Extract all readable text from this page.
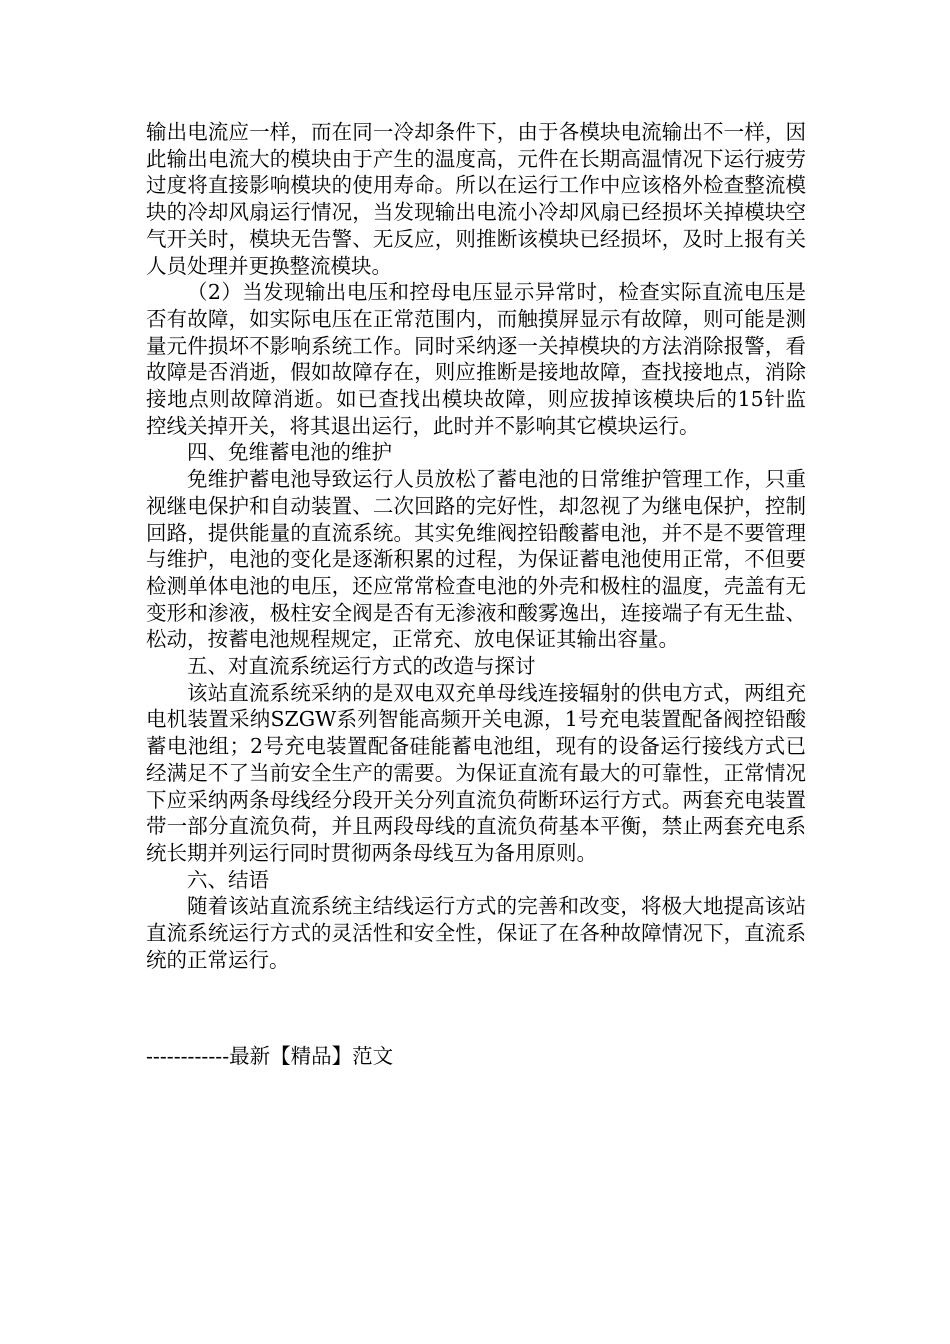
输出电流应一样，而在同一冷却条件下，由于各模块电流输出不一样，因此输出电流大的模块由于产生的温度高，元件在长期高温情况下运行疲劳过度将直接影响模块的使用寿命。所以在运行工作中应该格外检查整流模块的冷却风扇运行情况，当发现输出电流小冷却风扇已经损坏关掉模块空气开关时，模块无告警、无反应，则推断该模块已经损坏，及时上报有关人员处理并更换整流模块。

（2）当发现输出电压和控母电压显示异常时，检查实际直流电压是否有故障，如实际电压在正常范围内，而触摸屏显示有故障，则可能是测量元件损坏不影响系统工作。同时采纳逐一关掉模块的方法消除报警，看故障是否消逝，假如故障存在，则应推断是接地故障，查找接地点，消除接地点则故障消逝。如已查找出模块故障，则应拔掉该模块后的15针监控线关掉开关，将其退出运行，此时并不影响其它模块运行。

四、免维蓄电池的维护

免维护蓄电池导致运行人员放松了蓄电池的日常维护管理工作，只重视继电保护和自动装置、二次回路的完好性，却忽视了为继电保护，控制回路，提供能量的直流系统。其实免维阀控铅酸蓄电池，并不是不要管理与维护，电池的变化是逐渐积累的过程，为保证蓄电池使用正常，不但要检测单体电池的电压，还应常常检查电池的外壳和极柱的温度，壳盖有无变形和渗液，极柱安全阀是否有无渗液和酸雾逸出，连接端子有无生盐、松动，按蓄电池规程规定，正常充、放电保证其输出容量。

五、对直流系统运行方式的改造与探讨

该站直流系统采纳的是双电双充单母线连接辐射的供电方式，两组充电机装置采纳SZGW系列智能高频开关电源，1号充电装置配备阀控铅酸蓄电池组；2号充电装置配备硅能蓄电池组，现有的设备运行接线方式已经满足不了当前安全生产的需要。为保证直流有最大的可靠性，正常情况下应采纳两条母线经分段开关分列直流负荷断环运行方式。两套充电装置带一部分直流负荷，并且两段母线的直流负荷基本平衡，禁止两套充电系统长期并列运行同时贯彻两条母线互为备用原则。

六、结语

随着该站直流系统主结线运行方式的完善和改变，将极大地提高该站直流系统运行方式的灵活性和安全性，保证了在各种故障情况下，直流系统的正常运行。

------------最新【精品】范文
